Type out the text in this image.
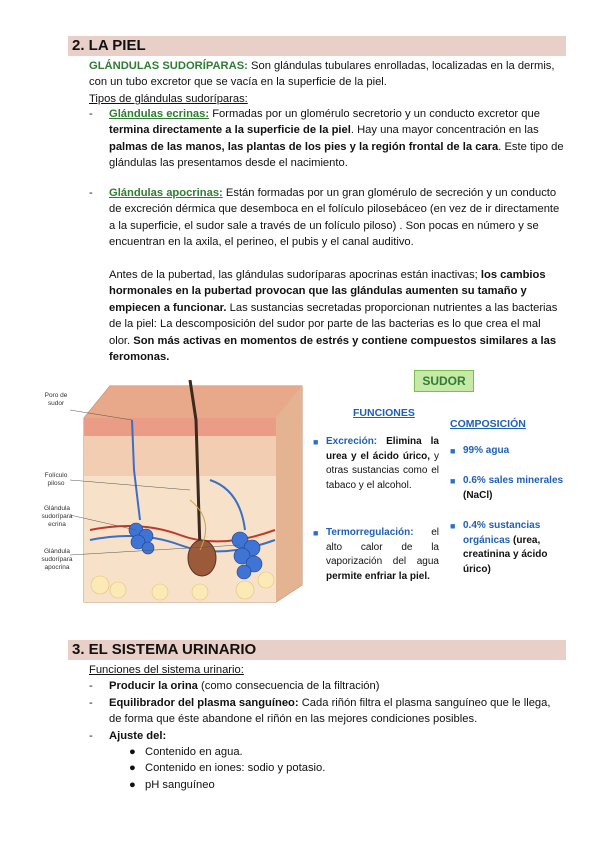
2. LA PIEL
GLÁNDULAS SUDORÍPARAS: Son glándulas tubulares enrolladas, localizadas en la dermis, con un tubo excretor que se vacía en la superficie de la piel.
Tipos de glándulas sudoríparas:
- Glándulas ecrinas: Formadas por un glomérulo secretorio y un conducto excretor que termina directamente a la superficie de la piel. Hay una mayor concentración en las palmas de las manos, las plantas de los pies y la región frontal de la cara. Este tipo de glándulas las presentamos desde el nacimiento.
- Glándulas apocrinas: Están formadas por un gran glomérulo de secreción y un conducto de excreción dérmica que desemboca en el folículo pilosebáceo (en vez de ir directamente a la superficie, el sudor sale a través de un folículo piloso) . Son pocas en número y se encuentran en la axila, el perineo, el pubis y el canal auditivo.
Antes de la pubertad, las glándulas sudoríparas apocrinas están inactivas; los cambios hormonales en la pubertad provocan que las glándulas aumenten su tamaño y empiecen a funcionar. Las sustancias secretadas proporcionan nutrientes a las bacterias de la piel: La descomposición del sudor por parte de las bacterias es lo que crea el mal olor. Son más activas en momentos de estrés y contiene compuestos similares a las feromonas.
Poro de sudor
Folículo piloso
Glándula sudorípara ecrina
Glándula sudorípara apocrina
SUDOR
FUNCIONES
COMPOSICIÓN
■ Excreción: Elimina la urea y el ácido úrico, y otras sustancias como el tabaco y el alcohol.
■ Termorregulación: el alto calor de la vaporización del agua permite enfriar la piel.
■ 99% agua
■ 0.6% sales minerales (NaCl)
■ 0.4% sustancias orgánicas (urea, creatinina y ácido úrico)
3. EL SISTEMA URINARIO
Funciones del sistema urinario:
- Producir la orina (como consecuencia de la filtración)
- Equilibrador del plasma sanguíneo: Cada riñón filtra el plasma sanguíneo que le llega, de forma que éste abandone el riñón en las mejores condiciones posibles.
- Ajuste del:
● Contenido en agua.
● Contenido en iones: sodio y potasio.
● pH sanguíneo
